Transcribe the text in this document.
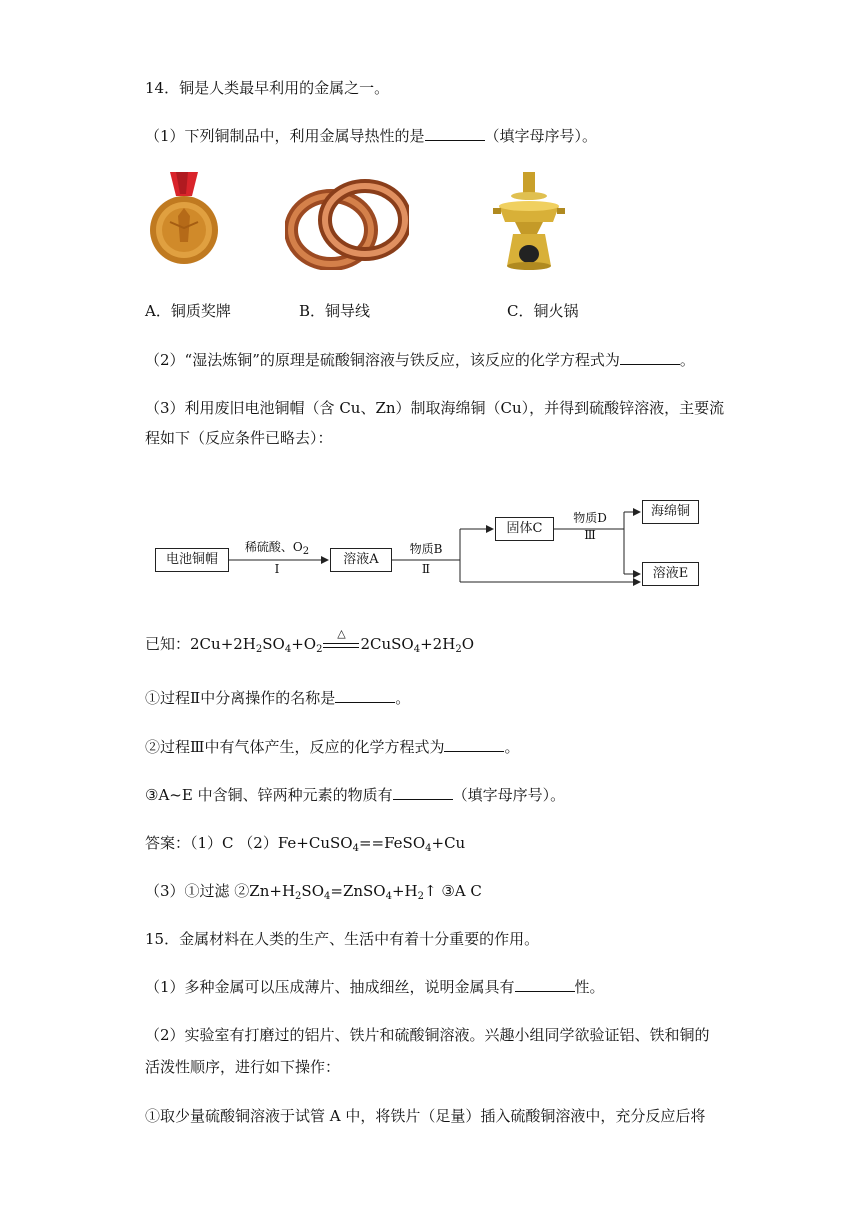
14．铜是人类最早利用的金属之一。
（1）下列铜制品中，利用金属导热性的是	（填字母序号）。
A．铜质奖牌	B．铜导线	C．铜火锅
（2）“湿法炼铜”的原理是硫酸铜溶液与铁反应，该反应的化学方程式为	。
（3）利用废旧电池铜帽（含 Cu、Zn）制取海绵铜（Cu），并得到硫酸锌溶液，主要流
程如下（反应条件已略去）：
电池铜帽
稀硫酸、$O_2$
Ⅰ
溶液A
物质B
Ⅱ
固体C
物质D
Ⅲ
海绵铜
溶液E
已知：$2Cu+2H_2SO_4+O_2$
△
$2CuSO_4+2H_2O$
①过程Ⅱ中分离操作的名称是	。
②过程Ⅲ中有气体产生，反应的化学方程式为	。
③A~E 中含铜、锌两种元素的物质有	（填字母序号）。
答案：（1）C （2）Fe+CuSO$_4$==FeSO$_4$+Cu
（3）①过滤 $②Zn+H_2SO_4=ZnSO_4+H_2↑$ ③A C
15．金属材料在人类的生产、生活中有着十分重要的作用。
（1）多种金属可以压成薄片、抽成细丝，说明金属具有	性。
（2）实验室有打磨过的铝片、铁片和硫酸铜溶液。兴趣小组同学欲验证铝、铁和铜的
活泼性顺序，进行如下操作：
①取少量硫酸铜溶液于试管 A 中，将铁片（足量）插入硫酸铜溶液中，充分反应后将
